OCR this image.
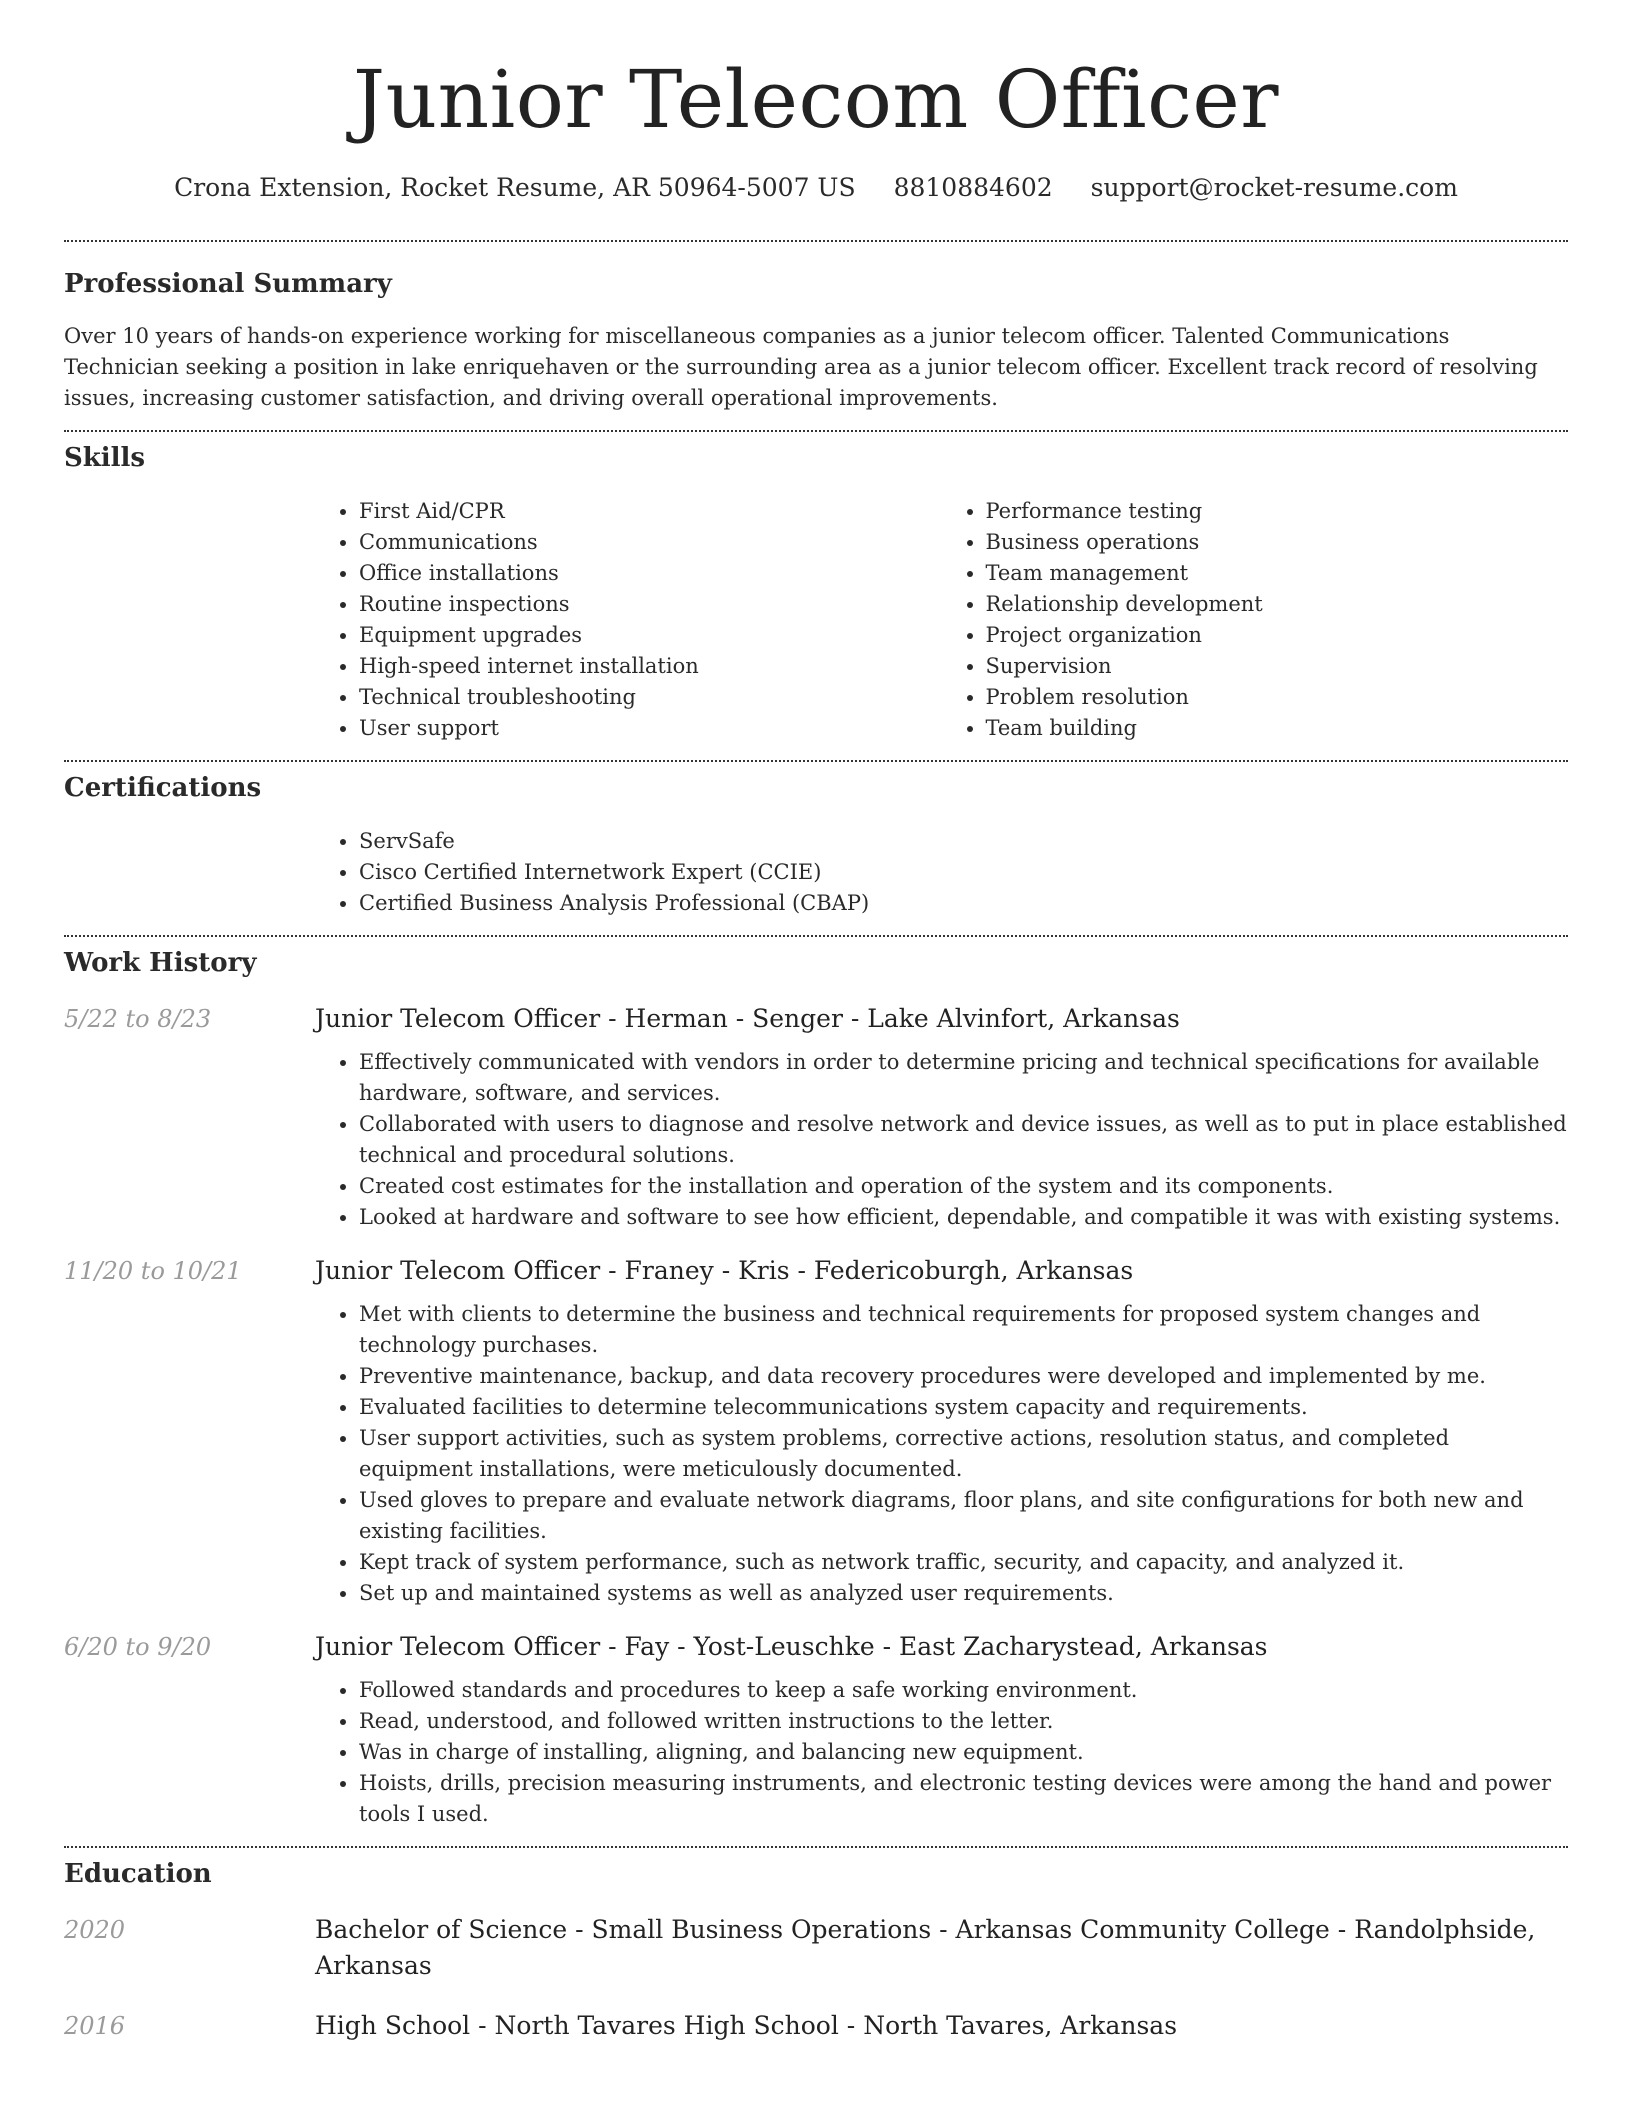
Junior Telecom Officer
Crona Extension, Rocket Resume, AR 50964-5007 US 8810884602 support@rocket-resume.com
Professional Summary

Over 10 years of hands-on experience working for miscellaneous companies as a junior telecom officer. Talented Communications Technician seeking a position in lake enriquehaven or the surrounding area as a junior telecom officer. Excellent track record of resolving issues, increasing customer satisfaction, and driving overall operational improvements.

Skills
• First Aid/CPR
• Communications
• Office installations
• Routine inspections
• Equipment upgrades
• High-speed internet installation
• Technical troubleshooting
• User support
• Performance testing
• Business operations
• Team management
• Relationship development
• Project organization
• Supervision
• Problem resolution
• Team building
Certifications
• ServSafe
• Cisco Certified Internetwork Expert (CCIE)
• Certified Business Analysis Professional (CBAP)
Work History
5/22 to 8/23	Junior Telecom Officer - Herman - Senger - Lake Alvinfort, Arkansas
• Effectively communicated with vendors in order to determine pricing and technical specifications for available hardware, software, and services.
• Collaborated with users to diagnose and resolve network and device issues, as well as to put in place established technical and procedural solutions.
• Created cost estimates for the installation and operation of the system and its components.
• Looked at hardware and software to see how efficient, dependable, and compatible it was with existing systems.
11/20 to 10/21	Junior Telecom Officer - Franey - Kris - Federicoburgh, Arkansas
• Met with clients to determine the business and technical requirements for proposed system changes and technology purchases.
• Preventive maintenance, backup, and data recovery procedures were developed and implemented by me.
• Evaluated facilities to determine telecommunications system capacity and requirements.
• User support activities, such as system problems, corrective actions, resolution status, and completed equipment installations, were meticulously documented.
• Used gloves to prepare and evaluate network diagrams, floor plans, and site configurations for both new and existing facilities.
• Kept track of system performance, such as network traffic, security, and capacity, and analyzed it.
• Set up and maintained systems as well as analyzed user requirements.
6/20 to 9/20	Junior Telecom Officer - Fay - Yost-Leuschke - East Zacharystead, Arkansas
• Followed standards and procedures to keep a safe working environment.
• Read, understood, and followed written instructions to the letter.
• Was in charge of installing, aligning, and balancing new equipment.
• Hoists, drills, precision measuring instruments, and electronic testing devices were among the hand and power tools I used.
Education
2020	Bachelor of Science - Small Business Operations - Arkansas Community College - Randolphside, Arkansas
2016	High School - North Tavares High School - North Tavares, Arkansas
